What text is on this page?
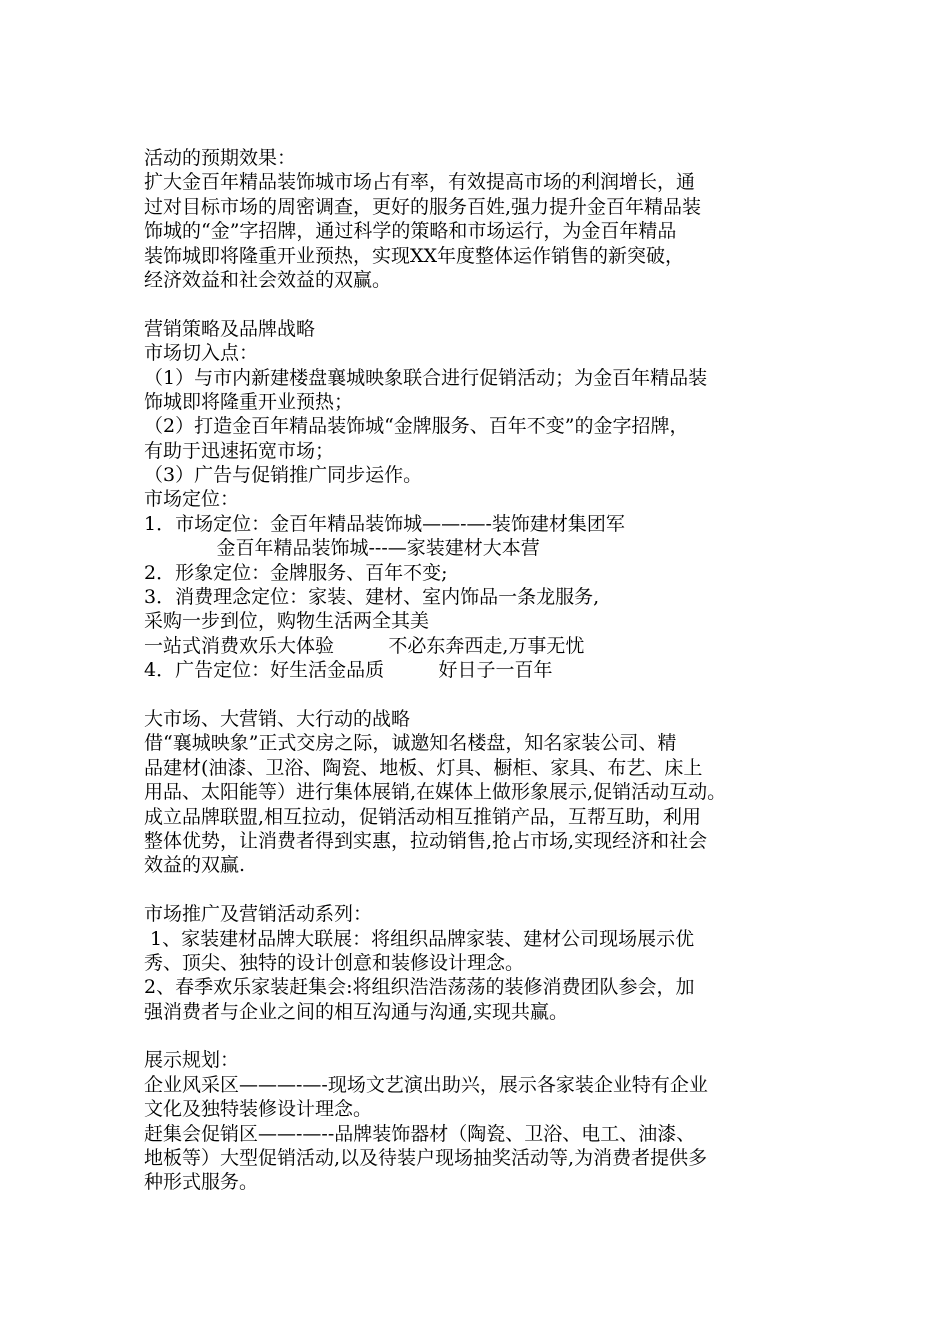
活动的预期效果：
扩大金百年精品装饰城市场占有率，有效提高市场的利润增长，通
过对目标市场的周密调查，更好的服务百姓,强力提升金百年精品装
饰城的“金”字招牌，通过科学的策略和市场运行，为金百年精品
装饰城即将隆重开业预热，实现XX年度整体运作销售的新突破，
经济效益和社会效益的双赢。
营销策略及品牌战略
市场切入点：
（1）与市内新建楼盘襄城映象联合进行促销活动；为金百年精品装
饰城即将隆重开业预热；
（2）打造金百年精品装饰城“金牌服务、百年不变”的金字招牌，
有助于迅速拓宽市场；
（3）广告与促销推广同步运作。
市场定位：
1．市场定位：金百年精品装饰城——-—-装饰建材集团军
金百年精品装饰城---—家装建材大本营
2．形象定位：金牌服务、百年不变;
3．消费理念定位：家装、建材、室内饰品一条龙服务,
采购一步到位，购物生活两全其美
一站式消费欢乐大体验         不必东奔西走,万事无忧
4．广告定位：好生活金品质         好日子一百年
大市场、大营销、大行动的战略
借“襄城映象”正式交房之际，诚邀知名楼盘，知名家装公司、精
品建材(油漆、卫浴、陶瓷、地板、灯具、橱柜、家具、布艺、床上
用品、太阳能等）进行集体展销,在媒体上做形象展示,促销活动互动。
成立品牌联盟,相互拉动，促销活动相互推销产品，互帮互助，利用
整体优势，让消费者得到实惠，拉动销售,抢占市场,实现经济和社会
效益的双赢.
市场推广及营销活动系列：
1、家装建材品牌大联展：将组织品牌家装、建材公司现场展示优
秀、顶尖、独特的设计创意和装修设计理念。
2、春季欢乐家装赶集会:将组织浩浩荡荡的装修消费团队参会，加
强消费者与企业之间的相互沟通与沟通,实现共赢。
展示规划：
企业风采区———-—-现场文艺演出助兴，展示各家装企业特有企业
文化及独特装修设计理念。
赶集会促销区——-—--品牌装饰器材（陶瓷、卫浴、电工、油漆、
地板等）大型促销活动,以及待装户现场抽奖活动等,为消费者提供多
种形式服务。
